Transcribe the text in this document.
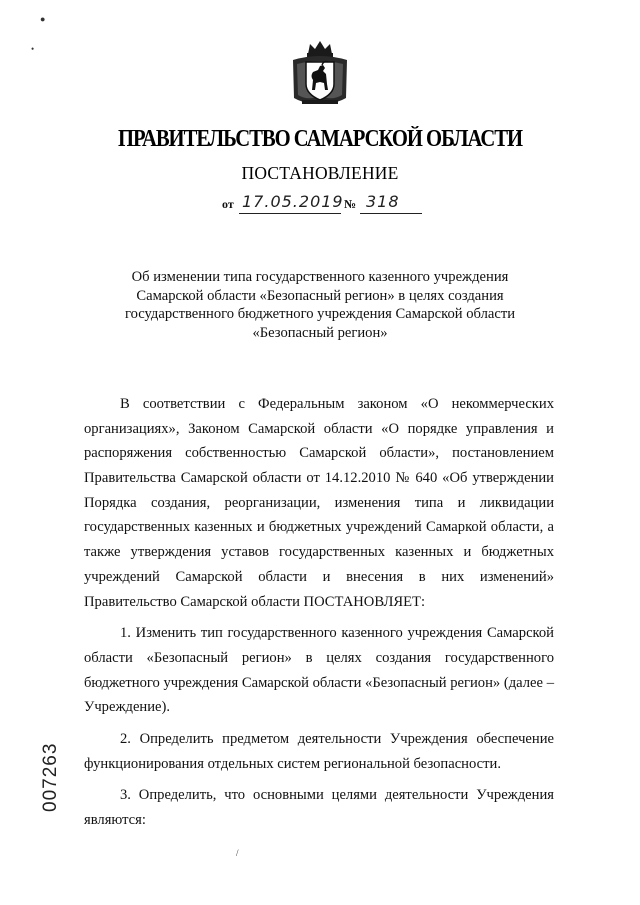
●
•
ПРАВИТЕЛЬСТВО САМАРСКОЙ ОБЛАСТИ
ПОСТАНОВЛЕНИЕ
от 17.05.2019 № 318
Об изменении типа государственного казенного учреждения
Самарской области «Безопасный регион» в целях создания
государственного бюджетного учреждения Самарской области
«Безопасный регион»
В соответствии с Федеральным законом «О некоммерческих
организациях», Законом Самарской области «О порядке управления и
распоряжения собственностью Самарской области», постановлением
Правительства Самарской области от 14.12.2010 № 640 «Об утверждении
Порядка создания, реорганизации, изменения типа и ликвидации
государственных казенных и бюджетных учреждений Самаркой области, а
также утверждения уставов государственных казенных и бюджетных
учреждений Самарской области и внесения в них изменений»
Правительство Самарской области ПОСТАНОВЛЯЕТ:
1. Изменить тип государственного казенного учреждения Самарской
области «Безопасный регион» в целях создания государственного
бюджетного учреждения Самарской области «Безопасный регион» (далее –
Учреждение).
2. Определить предметом деятельности Учреждения обеспечение
функционирования отдельных систем региональной безопасности.
3. Определить, что основными целями деятельности Учреждения
являются:
007263
/
